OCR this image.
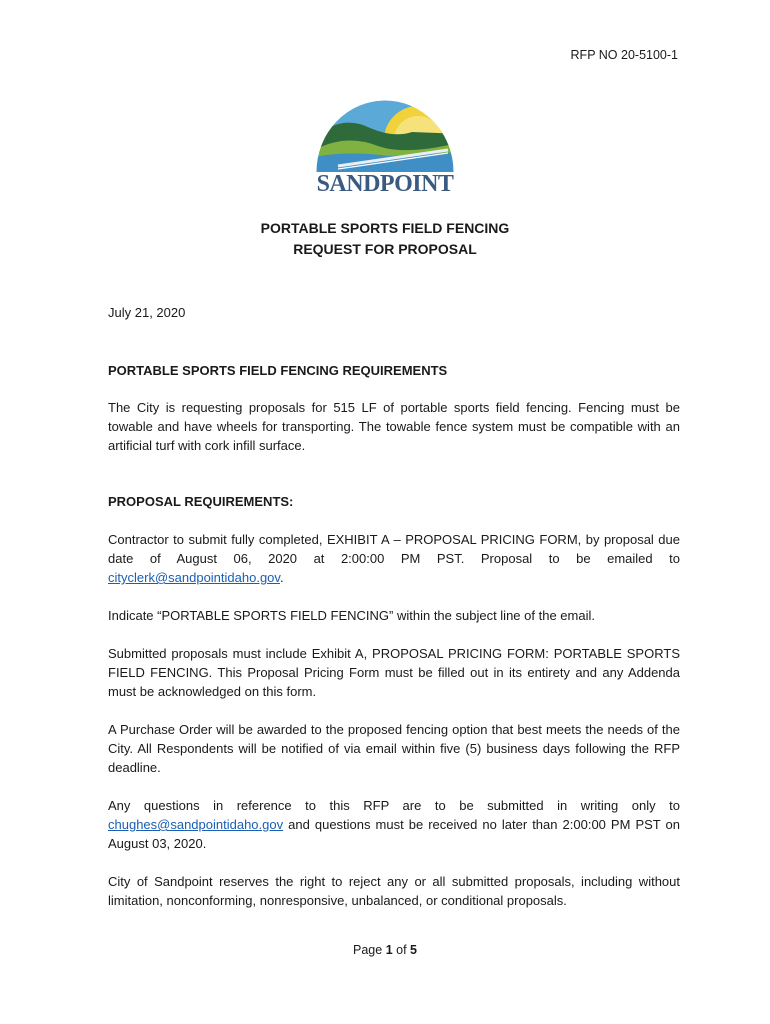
RFP NO 20-5100-1
SANDPOINT
PORTABLE SPORTS FIELD FENCING
REQUEST FOR PROPOSAL
July 21, 2020
PORTABLE SPORTS FIELD FENCING REQUIREMENTS
The City is requesting proposals for 515 LF of portable sports field fencing. Fencing must be towable and have wheels for transporting. The towable fence system must be compatible with an artificial turf with cork infill surface.
PROPOSAL REQUIREMENTS:
Contractor to submit fully completed, EXHIBIT A – PROPOSAL PRICING FORM, by proposal due date of August 06, 2020 at 2:00:00 PM PST. Proposal to be emailed to cityclerk@sandpointidaho.gov.
Indicate “PORTABLE SPORTS FIELD FENCING” within the subject line of the email.
Submitted proposals must include Exhibit A, PROPOSAL PRICING FORM: PORTABLE SPORTS FIELD FENCING. This Proposal Pricing Form must be filled out in its entirety and any Addenda must be acknowledged on this form.
A Purchase Order will be awarded to the proposed fencing option that best meets the needs of the City. All Respondents will be notified of via email within five (5) business days following the RFP deadline.
Any questions in reference to this RFP are to be submitted in writing only to chughes@sandpointidaho.gov and questions must be received no later than 2:00:00 PM PST on August 03, 2020.
City of Sandpoint reserves the right to reject any or all submitted proposals, including without limitation, nonconforming, nonresponsive, unbalanced, or conditional proposals.
Page 1 of 5
